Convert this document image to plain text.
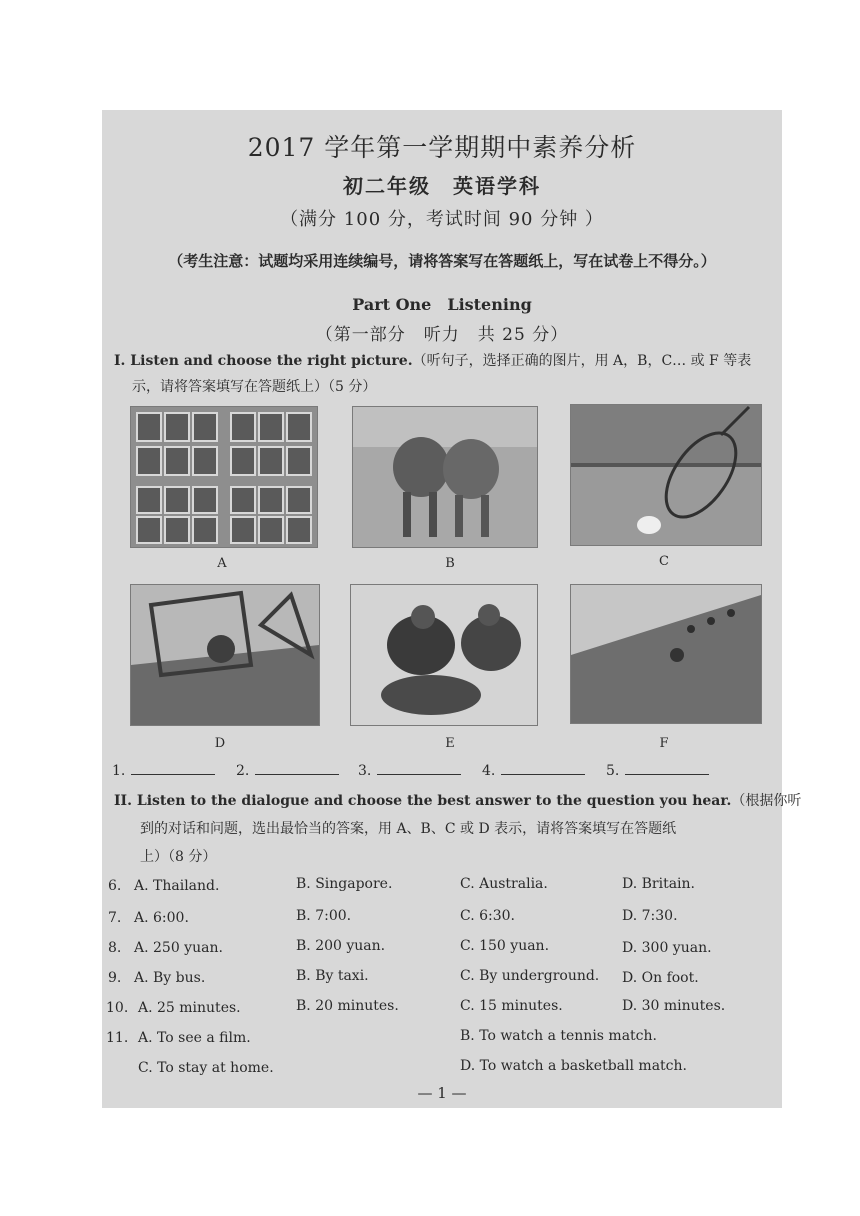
2017 学年第一学期期中素养分析
初二年级　英语学科
（满分 100 分，考试时间 90 分钟 ）
（考生注意：试题均采用连续编号，请将答案写在答题纸上，写在试卷上不得分。）
Part One　Listening
（第一部分　听力　共 25 分）
I. Listen and choose the right picture.（听句子，选择正确的图片，用 A，B，C… 或 F 等表
示，请将答案填写在答题纸上）（5 分）
A	B	C
D	E	F
1.	2.	3.	4.	5.
II. Listen to the dialogue and choose the best answer to the question you hear.（根据你听
到的对话和问题，选出最恰当的答案，用 A、B、C 或 D 表示，请将答案填写在答题纸
上）（8 分）
6. A. Thailand.	B. Singapore.	C. Australia.	D. Britain.
7. A. 6:00.	B. 7:00.	C. 6:30.	D. 7:30.
8. A. 250 yuan.	B. 200 yuan.	C. 150 yuan.	D. 300 yuan.
9. A. By bus.	B. By taxi.	C. By underground. D. On foot.
10. A. 25 minutes.	B. 20 minutes.	C. 15 minutes.	D. 30 minutes.
11. A. To see a film.	B. To watch a tennis match.
C. To stay at home.	D. To watch a basketball match.
— 1 —
